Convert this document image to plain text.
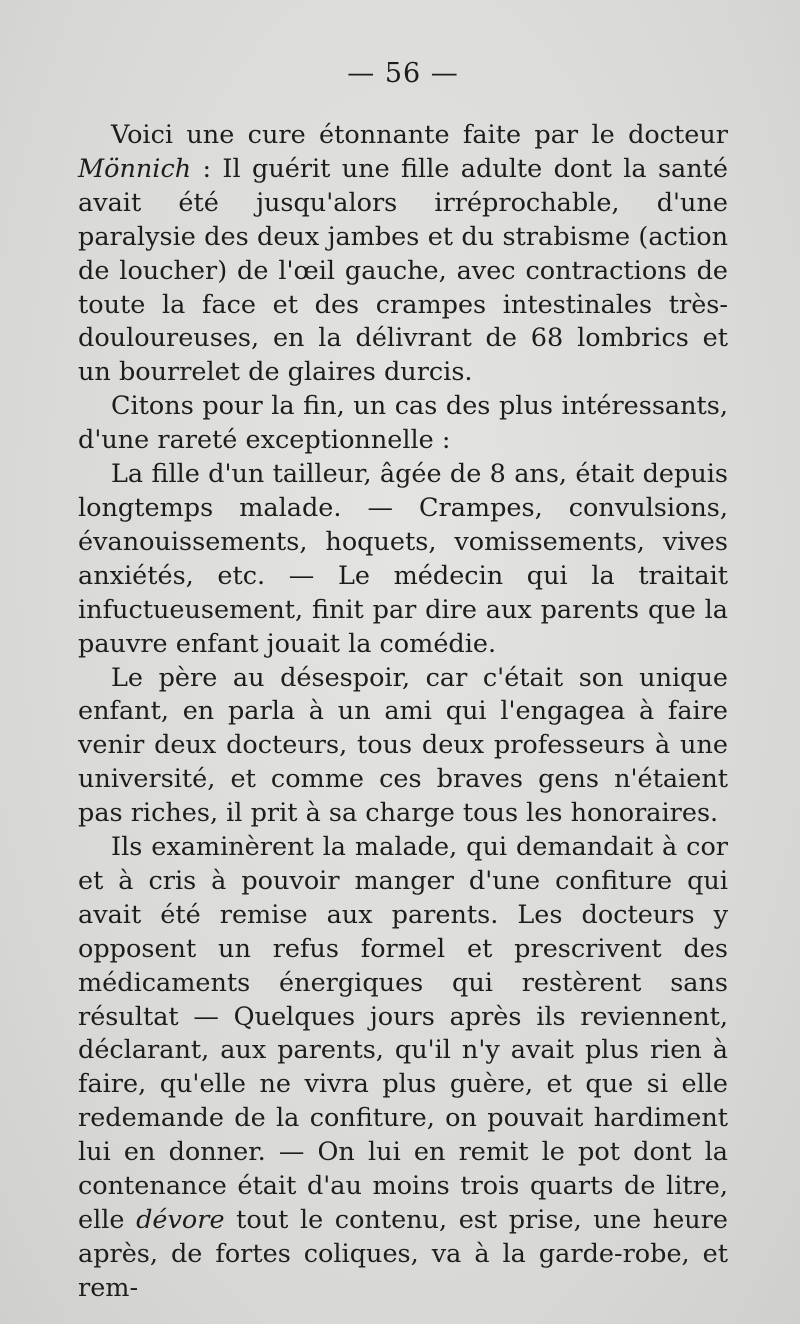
— 56 —

Voici une cure étonnante faite par le docteur Mönnich : Il guérit une fille adulte dont la santé avait été jusqu'alors irréprochable, d'une paralysie des deux jambes et du strabisme (action de loucher) de l'œil gauche, avec contractions de toute la face et des crampes intestinales très-douloureuses, en la délivrant de 68 lombrics et un bourrelet de glaires durcis.

Citons pour la fin, un cas des plus intéressants, d'une rareté exceptionnelle :

La fille d'un tailleur, âgée de 8 ans, était depuis longtemps malade. — Crampes, convulsions, évanouissements, hoquets, vomissements, vives anxiétés, etc. — Le médecin qui la traitait infuctueusement, finit par dire aux parents que la pauvre enfant jouait la comédie.

Le père au désespoir, car c'était son unique enfant, en parla à un ami qui l'engagea à faire venir deux docteurs, tous deux professeurs à une université, et comme ces braves gens n'étaient pas riches, il prit à sa charge tous les honoraires.

Ils examinèrent la malade, qui demandait à cor et à cris à pouvoir manger d'une confiture qui avait été remise aux parents. Les docteurs y opposent un refus formel et prescrivent des médicaments énergiques qui restèrent sans résultat — Quelques jours après ils reviennent, déclarant, aux parents, qu'il n'y avait plus rien à faire, qu'elle ne vivra plus guère, et que si elle redemande de la confiture, on pouvait hardiment lui en donner. — On lui en remit le pot dont la contenance était d'au moins trois quarts de litre, elle dévore tout le contenu, est prise, une heure après, de fortes coliques, va à la garde-robe, et rem-
